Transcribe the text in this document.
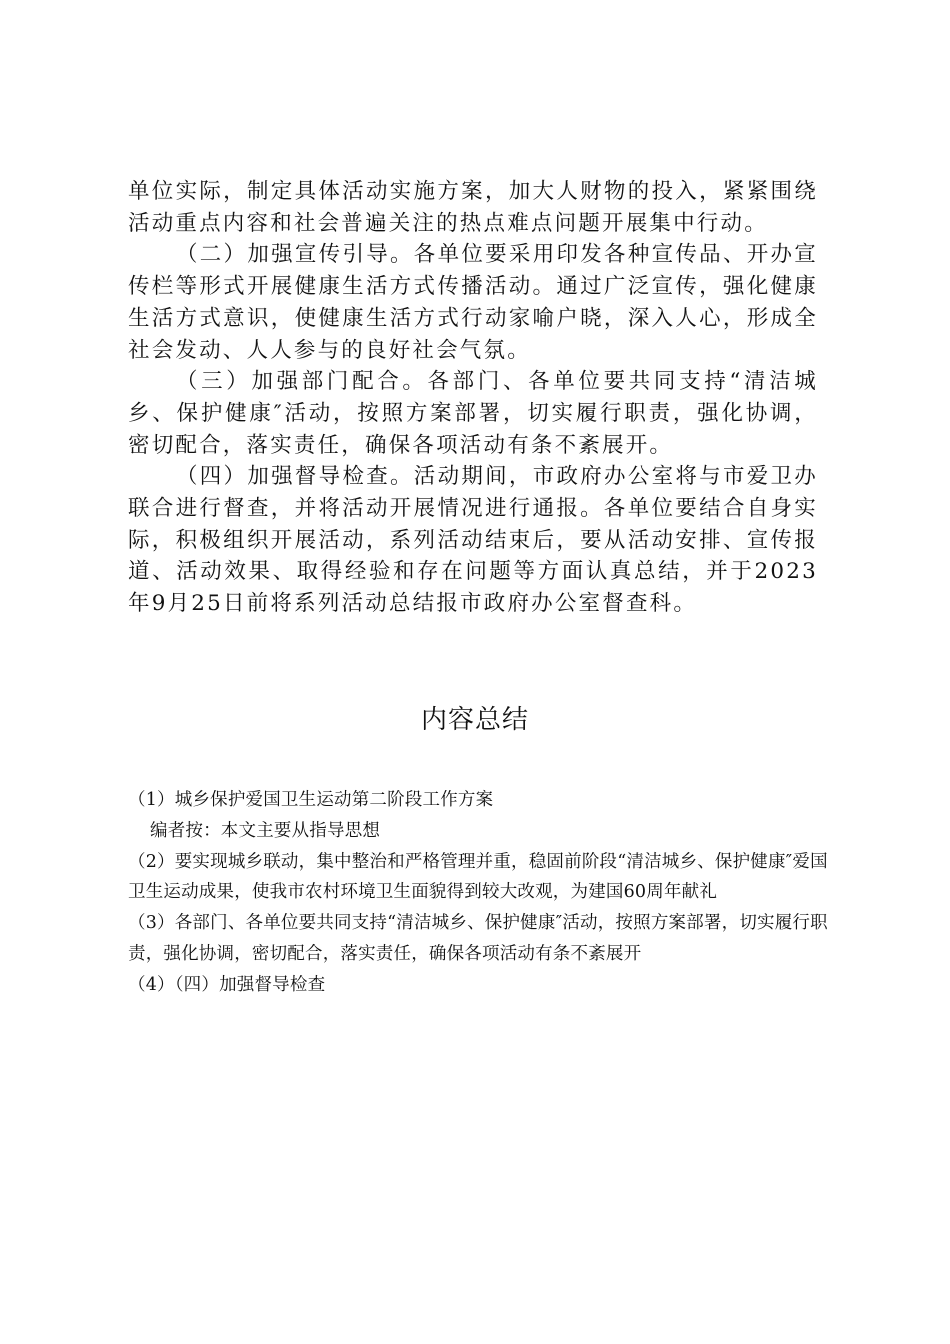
单位实际，制定具体活动实施方案，加大人财物的投入，紧紧围绕活动重点内容和社会普遍关注的热点难点问题开展集中行动。

（二）加强宣传引导。各单位要采用印发各种宣传品、开办宣传栏等形式开展健康生活方式传播活动。通过广泛宣传，强化健康生活方式意识，使健康生活方式行动家喻户晓，深入人心，形成全社会发动、人人参与的良好社会气氛。

（三）加强部门配合。各部门、各单位要共同支持“清洁城乡、保护健康″活动，按照方案部署，切实履行职责，强化协调，密切配合，落实责任，确保各项活动有条不紊展开。

（四）加强督导检查。活动期间，市政府办公室将与市爱卫办联合进行督查，并将活动开展情况进行通报。各单位要结合自身实际，积极组织开展活动，系列活动结束后，要从活动安排、宣传报道、活动效果、取得经验和存在问题等方面认真总结，并于2023年9月25日前将系列活动总结报市政府办公室督查科。

内容总结

（1）城乡保护爱国卫生运动第二阶段工作方案

编者按：本文主要从指导思想

（2）要实现城乡联动，集中整治和严格管理并重，稳固前阶段“清洁城乡、保护健康″爱国卫生运动成果，使我市农村环境卫生面貌得到较大改观，为建国60周年献礼

（3）各部门、各单位要共同支持“清洁城乡、保护健康″活动，按照方案部署，切实履行职责，强化协调，密切配合，落实责任，确保各项活动有条不紊展开

（4）（四）加强督导检查
